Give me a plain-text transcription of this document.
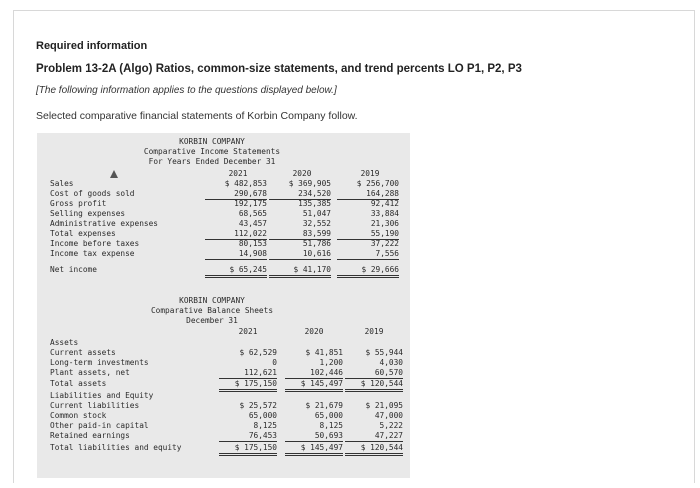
Required information
Problem 13-2A (Algo) Ratios, common-size statements, and trend percents LO P1, P2, P3
[The following information applies to the questions displayed below.]
Selected comparative financial statements of Korbin Company follow.
KORBIN COMPANY
Comparative Income Statements
For Years Ended December 31
2021	2020	2019
Sales	$ 482,853	$ 369,905	$ 256,700
Cost of goods sold	290,678	234,520	164,288
Gross profit	192,175	135,385	92,412
Selling expenses	68,565	51,047	33,884
Administrative expenses	43,457	32,552	21,306
Total expenses	112,022	83,599	55,190
Income before taxes	80,153	51,786	37,222
Income tax expense	14,908	10,616	7,556
Net income	$ 65,245	$ 41,170	$ 29,666
KORBIN COMPANY
Comparative Balance Sheets
December 31
2021	2020	2019
Assets
Current assets	$ 62,529	$ 41,851	$ 55,944
Long-term investments	0	1,200	4,030
Plant assets, net	112,621	102,446	60,570
Total assets	$ 175,150	$ 145,497	$ 120,544
Liabilities and Equity
Current liabilities	$ 25,572	$ 21,679	$ 21,095
Common stock	65,000	65,000	47,000
Other paid-in capital	8,125	8,125	5,222
Retained earnings	76,453	50,693	47,227
Total liabilities and equity	$ 175,150	$ 145,497	$ 120,544
